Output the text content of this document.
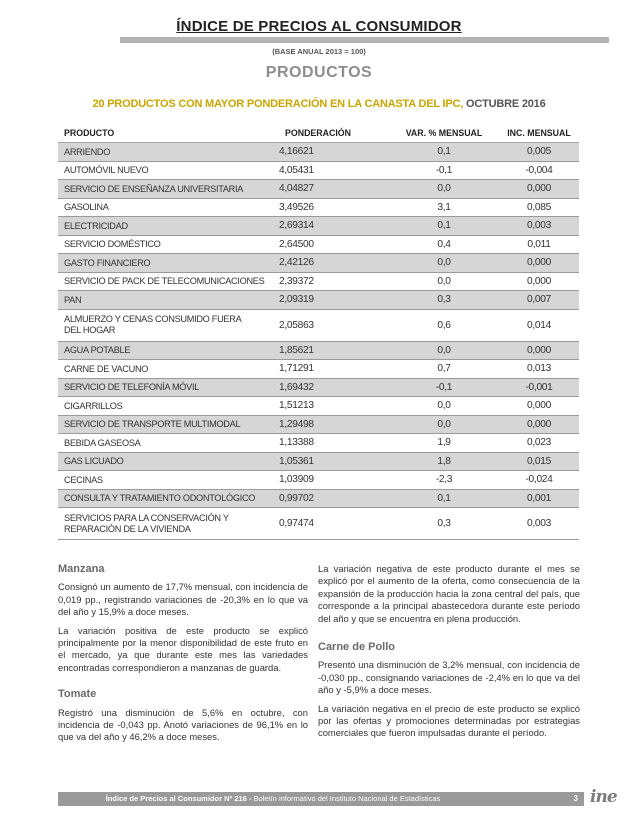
ÍNDICE DE PRECIOS AL CONSUMIDOR
(BASE ANUAL 2013 = 100)
PRODUCTOS
20 PRODUCTOS CON MAYOR PONDERACIÓN EN LA CANASTA DEL IPC, OCTUBRE 2016
PRODUCTO	PONDERACIÓN	VAR. % MENSUAL	INC. MENSUAL
ARRIENDO	4,16621	0,1	0,005
AUTOMÓVIL NUEVO	4,05431	-0,1	-0,004
SERVICIO DE ENSEÑANZA UNIVERSITARIA	4,04827	0,0	0,000
GASOLINA	3,49526	3,1	0,085
ELECTRICIDAD	2,69314	0,1	0,003
SERVICIO DOMÉSTICO	2,64500	0,4	0,011
GASTO FINANCIERO	2,42126	0,0	0,000
SERVICIO DE PACK DE TELECOMUNICACIONES	2,39372	0,0	0,000
PAN	2,09319	0,3	0,007
ALMUERZO Y CENAS CONSUMIDO FUERA
DEL HOGAR	2,05863	0,6	0,014
AGUA POTABLE	1,85621	0,0	0,000
CARNE DE VACUNO	1,71291	0,7	0,013
SERVICIO DE TELEFONÍA MÓVIL	1,69432	-0,1	-0,001
CIGARRILLOS	1,51213	0,0	0,000
SERVICIO DE TRANSPORTE MULTIMODAL	1,29498	0,0	0,000
BEBIDA GASEOSA	1,13388	1,9	0,023
GAS LICUADO	1,05361	1,8	0,015
CECINAS	1,03909	-2,3	-0,024
CONSULTA Y TRATAMIENTO ODONTOLÓGICO	0,99702	0,1	0,001
SERVICIOS PARA LA CONSERVACIÓN Y
REPARACIÓN DE LA VIVIENDA	0,97474	0,3	0,003
Manzana

Consignó un aumento de 17,7% mensual, con incidencia de 0,019 pp., registrando variaciones de -20,3% en lo que va del año y 15,9% a doce meses.

La variación positiva de este producto se explicó principalmente por la menor disponibilidad de este fruto en el mercado, ya que durante este mes las variedades encontradas correspondieron a manzanas de guarda.

Tomate

Registró una disminución de 5,6% en octubre, con incidencia de -0,043 pp. Anotó variaciones de 96,1% en lo que va del año y 46,2% a doce meses.

La variación negativa de este producto durante el mes se explicó por el aumento de la oferta, como consecuencia de la expansión de la producción hacia la zona central del país, que corresponde a la principal abastecedora durante este período del año y que se encuentra en plena producción.

Carne de Pollo

Presentó una disminución de 3,2% mensual, con incidencia de -0,030 pp., consignando variaciones de -2,4% en lo que va del año y -5,9% a doce meses.

La variación negativa en el precio de este producto se explicó por las ofertas y promociones determinadas por estrategias comerciales que fueron impulsadas durante el período.

Índice de Precios al Consumidor Nº 216 - Boletín informativo del Instituto Nacional de Estadísticas	3 ine
